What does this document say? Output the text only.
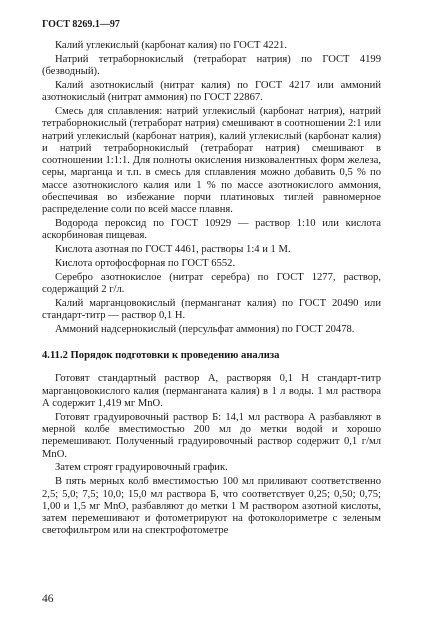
ГОСТ 8269.1—97

Калий углекислый (карбонат калия) по ГОСТ 4221.

Натрий тетраборнокислый (тетраборат натрия) по ГОСТ 4199 (безводный).

Калий азотнокислый (нитрат калия) по ГОСТ 4217 или аммоний азотнокислый (нитрат аммония) по ГОСТ 22867.

Смесь для сплавления: натрий углекислый (карбонат натрия), натрий тетраборнокислый (тетраборат натрия) смешивают в соотношении 2:1 или натрий углекислый (карбонат натрия), калий углекислый (карбонат калия) и натрий тетраборнокислый (тетраборат натрия) смешивают в соотношении 1:1:1. Для полноты окисления низковалентных форм железа, серы, марганца и т.п. в смесь для сплавления можно добавить 0,5 % по массе азотнокислого калия или 1 % по массе азотнокислого аммония, обеспечивая во избежание порчи платиновых тиглей равномерное распределение соли по всей массе плавня.

Водорода пероксид по ГОСТ 10929 — раствор 1:10 или кислота аскорбиновая пищевая.

Кислота азотная по ГОСТ 4461, растворы 1:4 и 1 М.

Кислота ортофосфорная по ГОСТ 6552.

Серебро азотнокислое (нитрат серебра) по ГОСТ 1277, раствор, содержащий 2 г/л.

Калий марганцовокислый (перманганат калия) по ГОСТ 20490 или стандарт-титр — раствор 0,1 Н.

Аммоний надсернокислый (персульфат аммония) по ГОСТ 20478.

4.11.2 Порядок подготовки к проведению анализа

Готовят стандартный раствор А, растворяя 0,1 Н стандарт-титр марганцовокислого калия (перманганата калия) в 1 л воды. 1 мл раствора А содержит 1,419 мг MnO.

Готовят градуировочный раствор Б: 14,1 мл раствора А разбавляют в мерной колбе вместимостью 200 мл до метки водой и хорошо перемешивают. Полученный градуировочный раствор содержит 0,1 г/мл MnO.

Затем строят градуировочный график.

В пять мерных колб вместимостью 100 мл приливают соответственно 2,5; 5,0; 7,5; 10,0; 15,0 мл раствора Б, что соответствует 0,25; 0,50; 0,75; 1,00 и 1,5 мг MnO, разбавляют до метки 1 М раствором азотной кислоты, затем перемешивают и фотометрируют на фотоколориметре с зеленым светофильтром или на спектрофотометре

46
